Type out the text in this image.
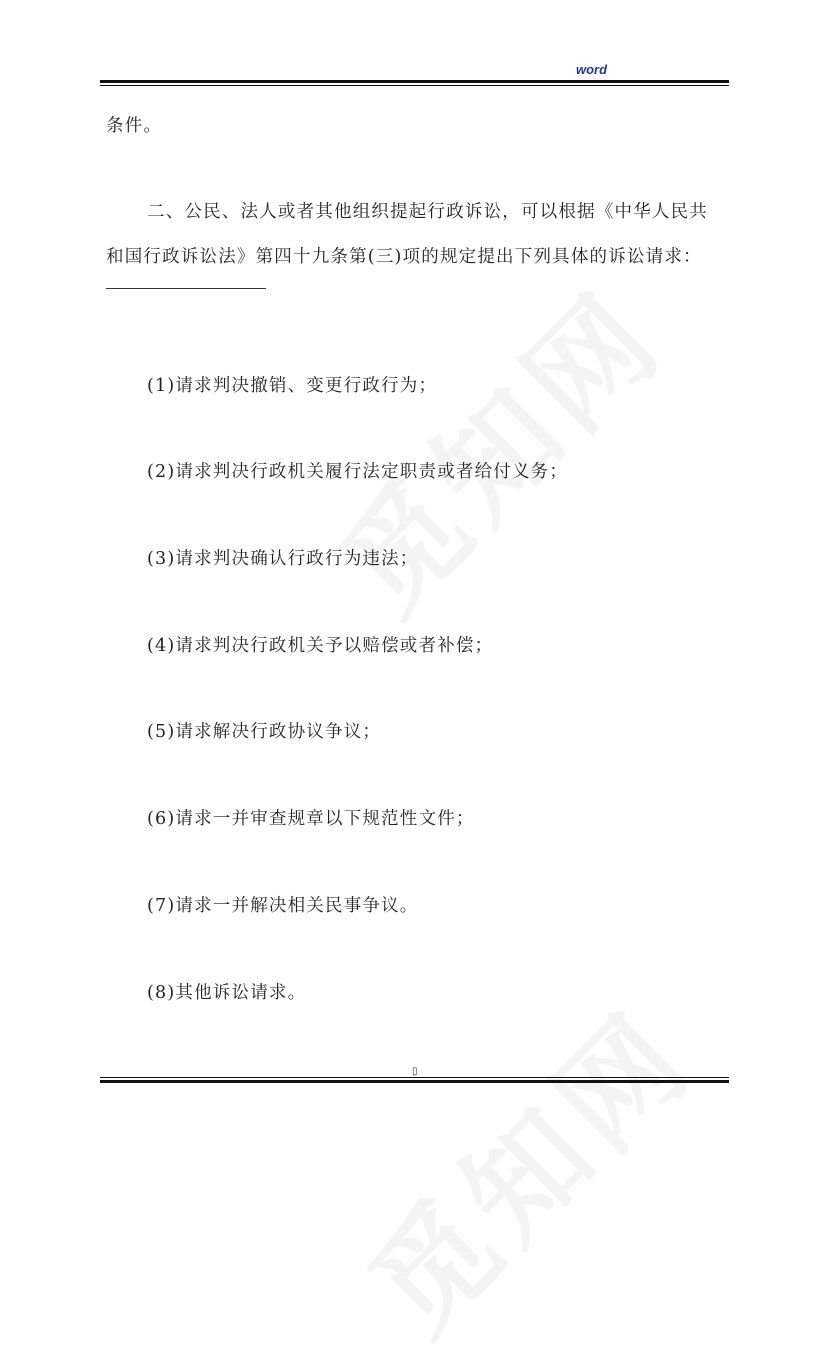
word
条件。
二、公民、法人或者其他组织提起行政诉讼，可以根据《中华人民共
和国行政诉讼法》第四十九条第(三)项的规定提出下列具体的诉讼请求：
(1)请求判决撤销、变更行政行为；
(2)请求判决行政机关履行法定职责或者给付义务；
(3)请求判决确认行政行为违法；
(4)请求判决行政机关予以赔偿或者补偿；
(5)请求解决行政协议争议；
(6)请求一并审查规章以下规范性文件；
(7)请求一并解决相关民事争议。
(8)其他诉讼请求。
▯
